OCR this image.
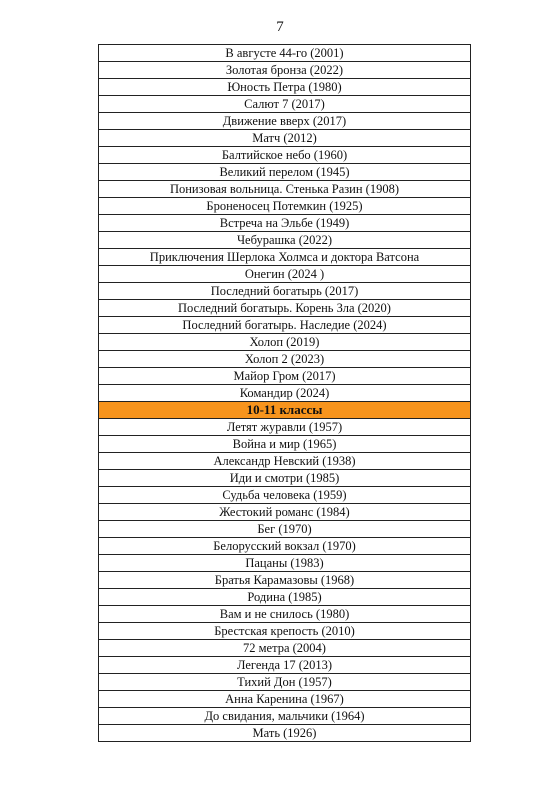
7
В августе 44-го (2001)
Золотая бронза (2022)
Юность Петра (1980)
Салют 7 (2017)
Движение вверх (2017)
Матч (2012)
Балтийское небо (1960)
Великий перелом (1945)
Понизовая вольница. Стенька Разин (1908)
Броненосец Потемкин (1925)
Встреча на Эльбе (1949)
Чебурашка (2022)
Приключения Шерлока Холмса и доктора Ватсона
Онегин (2024 )
Последний богатырь (2017)
Последний богатырь. Корень Зла (2020)
Последний богатырь. Наследие (2024)
Холоп (2019)
Холоп 2 (2023)
Майор Гром (2017)
Командир (2024)
10-11 классы
Летят журавли (1957)
Война и мир (1965)
Александр Невский (1938)
Иди и смотри (1985)
Судьба человека (1959)
Жестокий романс (1984)
Бег (1970)
Белорусский вокзал (1970)
Пацаны (1983)
Братья Карамазовы (1968)
Родина (1985)
Вам и не снилось (1980)
Брестская крепость (2010)
72 метра (2004)
Легенда 17 (2013)
Тихий Дон (1957)
Анна Каренина (1967)
До свидания, мальчики (1964)
Мать (1926)
